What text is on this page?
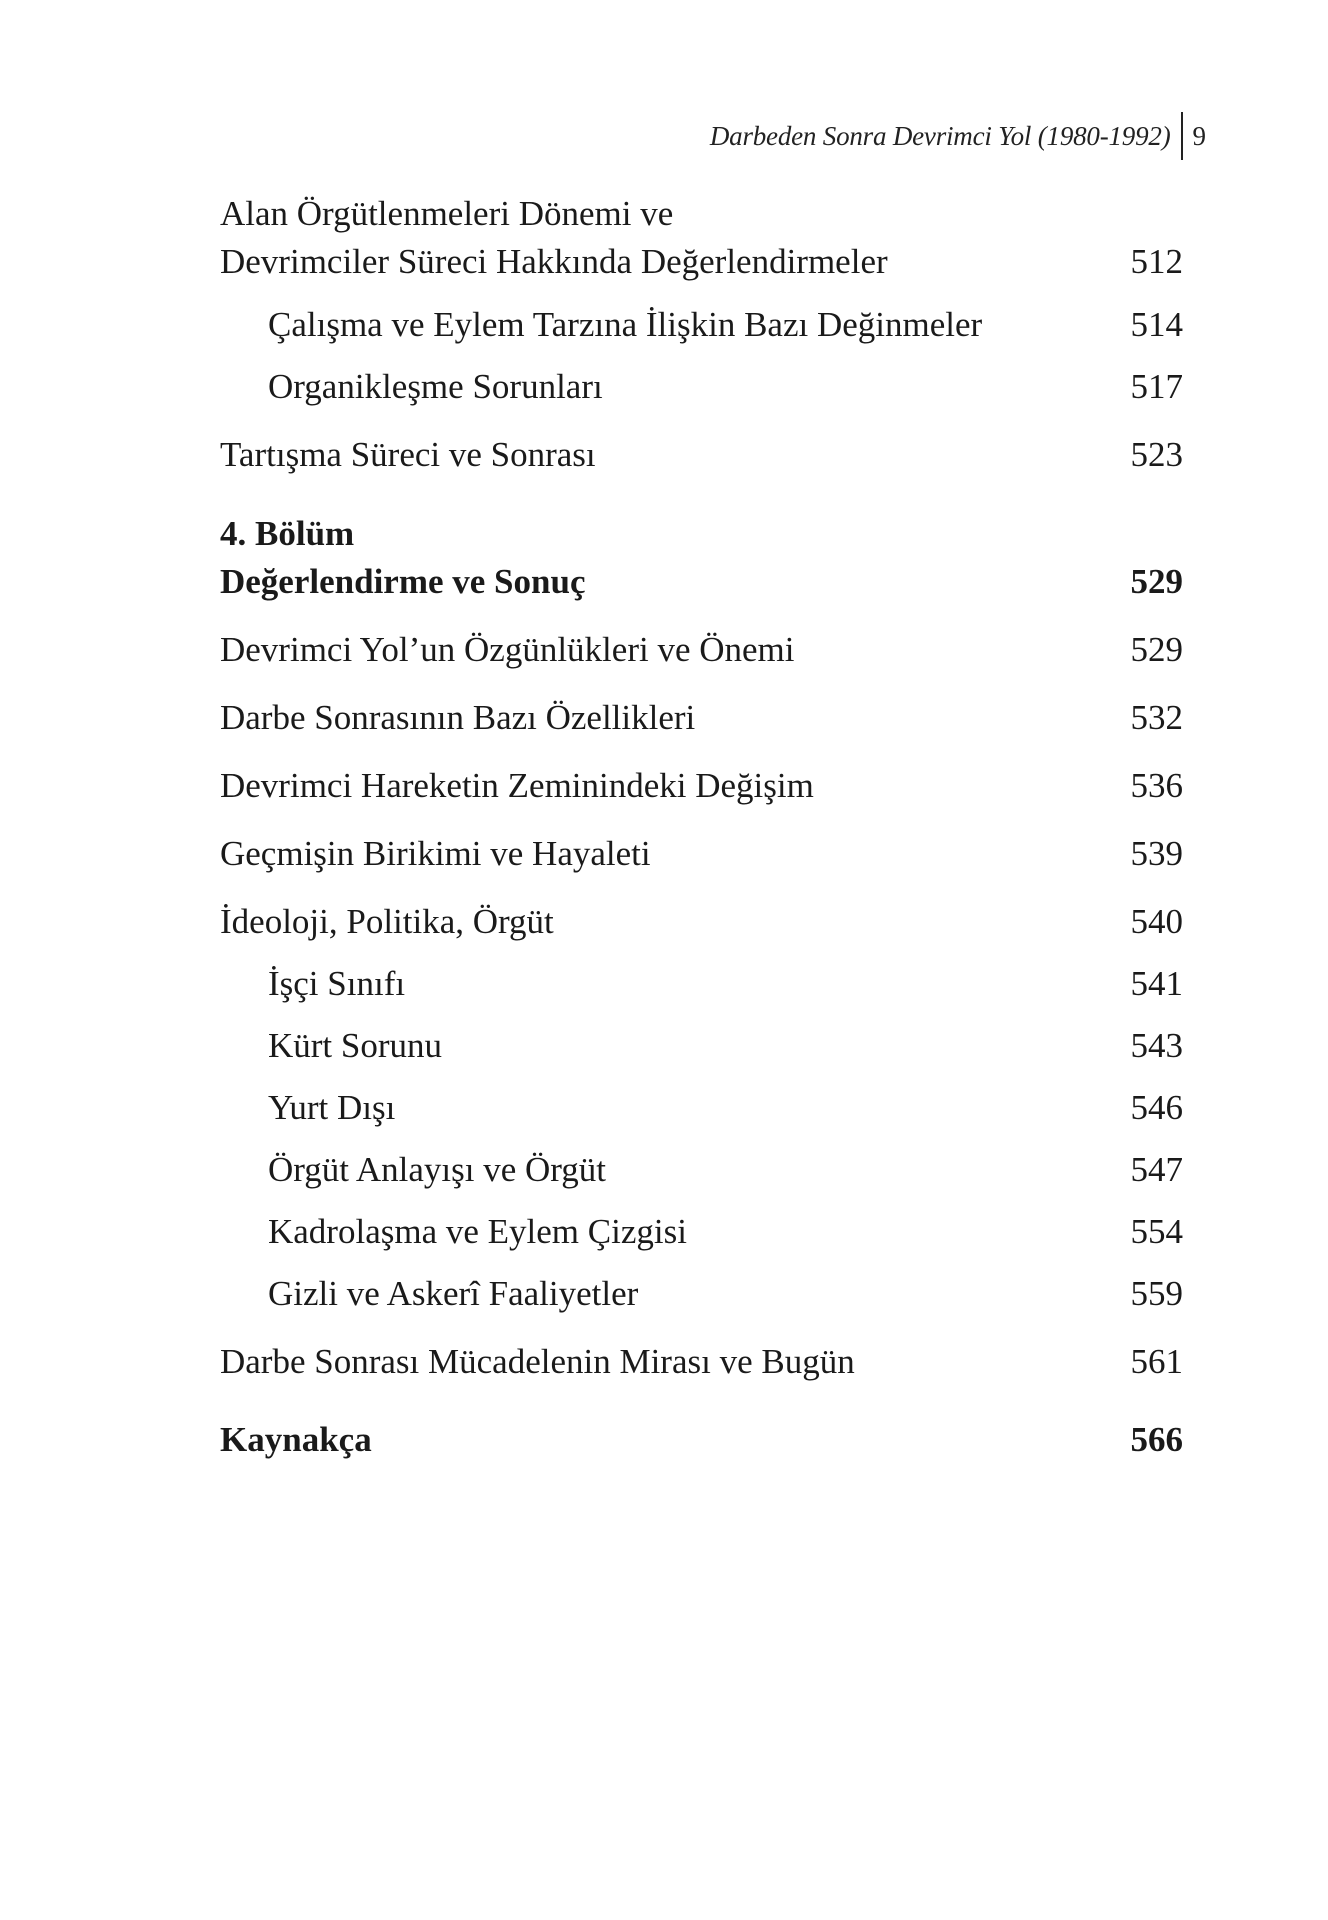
Darbeden Sonra Devrimci Yol (1980-1992) 9
Alan Örgütlenmeleri Dönemi ve
Devrimciler Süreci Hakkında Değerlendirmeler	512
Çalışma ve Eylem Tarzına İlişkin Bazı Değinmeler	514
Organikleşme Sorunları	517
Tartışma Süreci ve Sonrası	523
4. Bölüm
Değerlendirme ve Sonuç	529
Devrimci Yol’un Özgünlükleri ve Önemi	529
Darbe Sonrasının Bazı Özellikleri	532
Devrimci Hareketin Zeminindeki Değişim	536
Geçmişin Birikimi ve Hayaleti	539
İdeoloji, Politika, Örgüt	540
İşçi Sınıfı	541
Kürt Sorunu	543
Yurt Dışı	546
Örgüt Anlayışı ve Örgüt	547
Kadrolaşma ve Eylem Çizgisi	554
Gizli ve Askerî Faaliyetler	559
Darbe Sonrası Mücadelenin Mirası ve Bugün	561
Kaynakça	566
